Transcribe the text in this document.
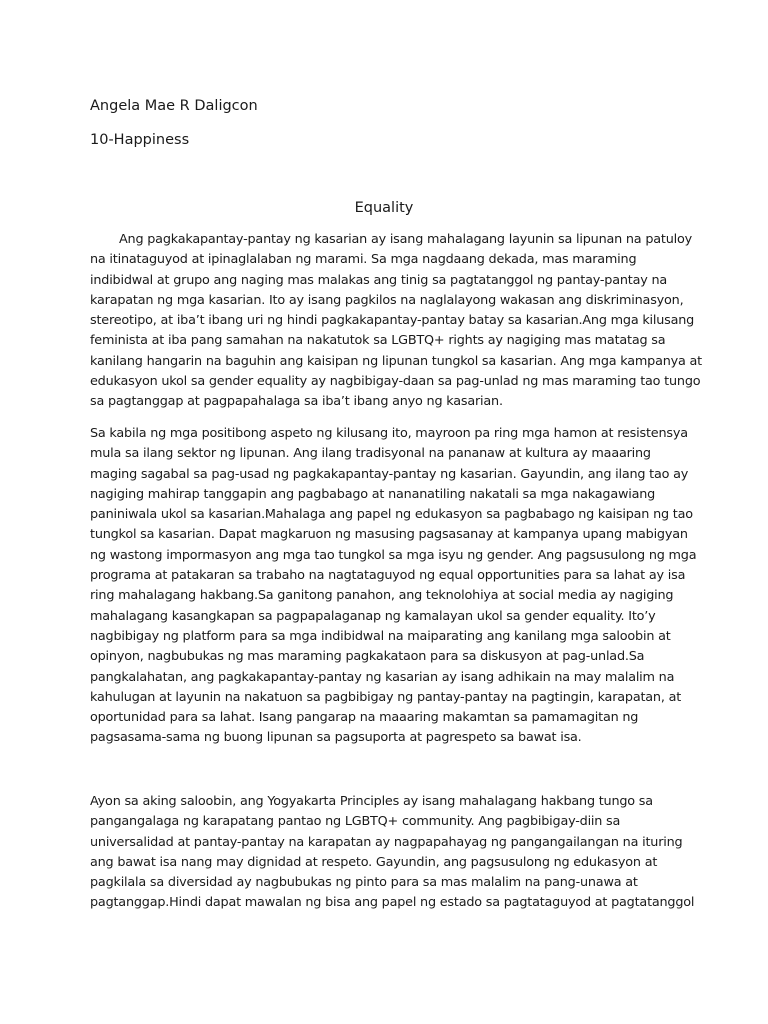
Angela Mae R Daligcon
10-Happiness
Equality
Ang pagkakapantay-pantay ng kasarian ay isang mahalagang layunin sa lipunan na patuloy
na itinataguyod at ipinaglalaban ng marami. Sa mga nagdaang dekada, mas maraming
indibidwal at grupo ang naging mas malakas ang tinig sa pagtatanggol ng pantay-pantay na
karapatan ng mga kasarian. Ito ay isang pagkilos na naglalayong wakasan ang diskriminasyon,
stereotipo, at iba’t ibang uri ng hindi pagkakapantay-pantay batay sa kasarian.Ang mga kilusang
feminista at iba pang samahan na nakatutok sa LGBTQ+ rights ay nagiging mas matatag sa
kanilang hangarin na baguhin ang kaisipan ng lipunan tungkol sa kasarian. Ang mga kampanya at
edukasyon ukol sa gender equality ay nagbibigay-daan sa pag-unlad ng mas maraming tao tungo
sa pagtanggap at pagpapahalaga sa iba’t ibang anyo ng kasarian.
Sa kabila ng mga positibong aspeto ng kilusang ito, mayroon pa ring mga hamon at resistensya
mula sa ilang sektor ng lipunan. Ang ilang tradisyonal na pananaw at kultura ay maaaring
maging sagabal sa pag-usad ng pagkakapantay-pantay ng kasarian. Gayundin, ang ilang tao ay
nagiging mahirap tanggapin ang pagbabago at nananatiling nakatali sa mga nakagawiang
paniniwala ukol sa kasarian.Mahalaga ang papel ng edukasyon sa pagbabago ng kaisipan ng tao
tungkol sa kasarian. Dapat magkaruon ng masusing pagsasanay at kampanya upang mabigyan
ng wastong impormasyon ang mga tao tungkol sa mga isyu ng gender. Ang pagsusulong ng mga
programa at patakaran sa trabaho na nagtataguyod ng equal opportunities para sa lahat ay isa
ring mahalagang hakbang.Sa ganitong panahon, ang teknolohiya at social media ay nagiging
mahalagang kasangkapan sa pagpapalaganap ng kamalayan ukol sa gender equality. Ito’y
nagbibigay ng platform para sa mga indibidwal na maiparating ang kanilang mga saloobin at
opinyon, nagbubukas ng mas maraming pagkakataon para sa diskusyon at pag-unlad.Sa
pangkalahatan, ang pagkakapantay-pantay ng kasarian ay isang adhikain na may malalim na
kahulugan at layunin na nakatuon sa pagbibigay ng pantay-pantay na pagtingin, karapatan, at
oportunidad para sa lahat. Isang pangarap na maaaring makamtan sa pamamagitan ng
pagsasama-sama ng buong lipunan sa pagsuporta at pagrespeto sa bawat isa.
Ayon sa aking saloobin, ang Yogyakarta Principles ay isang mahalagang hakbang tungo sa
pangangalaga ng karapatang pantao ng LGBTQ+ community. Ang pagbibigay-diin sa
universalidad at pantay-pantay na karapatan ay nagpapahayag ng pangangailangan na ituring
ang bawat isa nang may dignidad at respeto. Gayundin, ang pagsusulong ng edukasyon at
pagkilala sa diversidad ay nagbubukas ng pinto para sa mas malalim na pang-unawa at
pagtanggap.Hindi dapat mawalan ng bisa ang papel ng estado sa pagtataguyod at pagtatanggol
